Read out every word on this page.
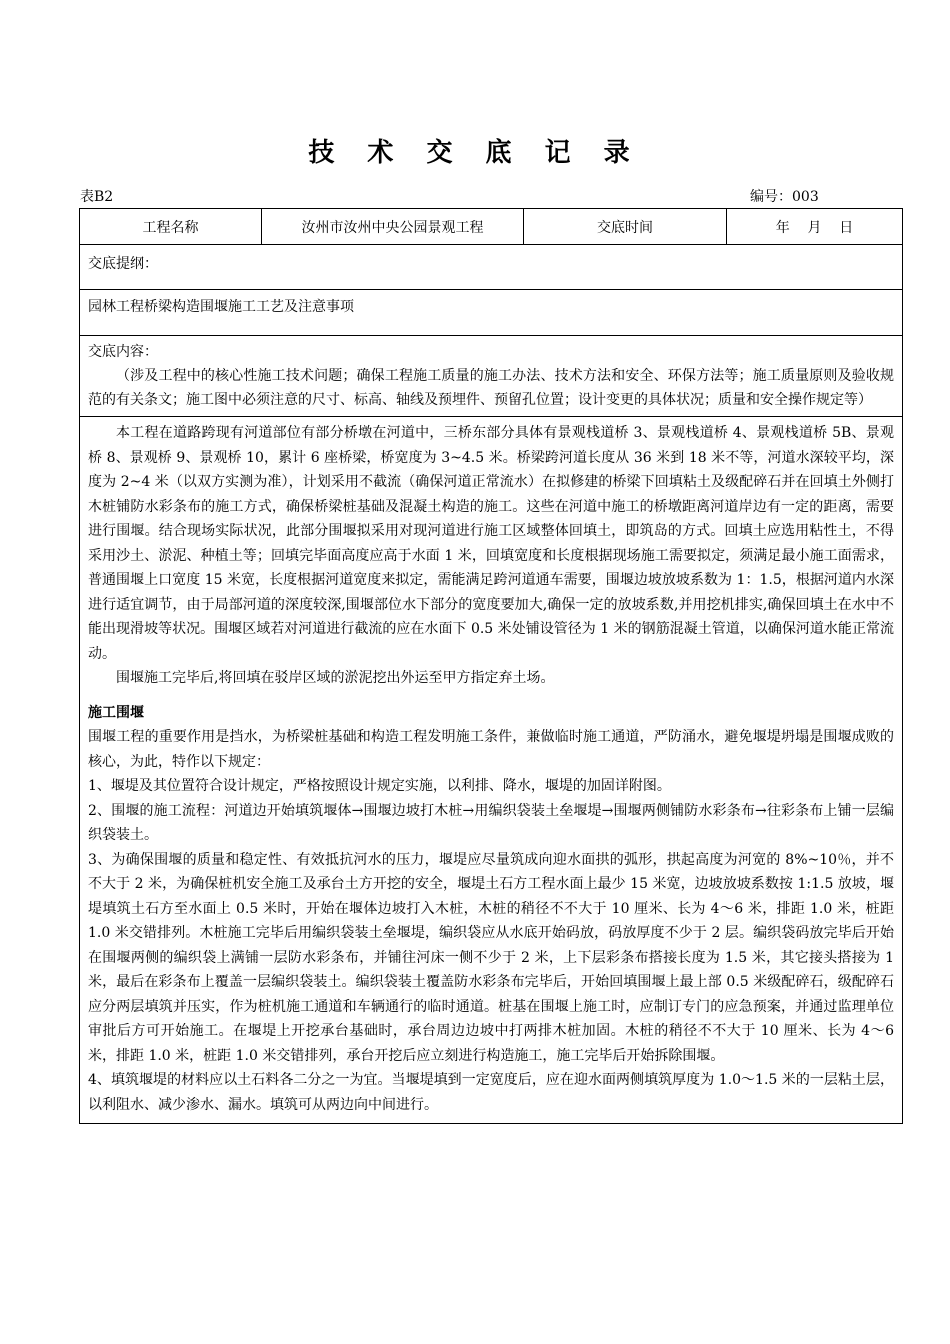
技 术 交 底 记 录
表B2	编号：003
工程名称	汝州市汝州中央公园景观工程	交底时间	年    月    日
交底提纲：
园林工程桥梁构造围堰施工工艺及注意事项
交底内容：
（涉及工程中的核心性施工技术问题；确保工程施工质量的施工办法、技术方法和安全、环保方法等；施工质量原则及验收规范的有关条文；施工图中必须注意的尺寸、标高、轴线及预埋件、预留孔位置；设计变更的具体状况；质量和安全操作规定等）

本工程在道路跨现有河道部位有部分桥墩在河道中，三桥东部分具体有景观栈道桥 3、景观栈道桥 4、景观栈道桥 5B、景观桥 8、景观桥 9、景观桥 10，累计 6 座桥梁，桥宽度为 3~4.5 米。桥梁跨河道长度从 36 米到 18 米不等，河道水深较平均，深度为 2~4 米（以双方实测为准），计划采用不截流（确保河道正常流水）在拟修建的桥梁下回填粘土及级配碎石并在回填土外侧打木桩铺防水彩条布的施工方式，确保桥梁桩基础及混凝土构造的施工。这些在河道中施工的桥墩距离河道岸边有一定的距离，需要进行围堰。结合现场实际状况，此部分围堰拟采用对现河道进行施工区域整体回填土，即筑岛的方式。回填土应选用粘性土，不得采用沙土、淤泥、种植土等；回填完毕面高度应高于水面 1 米，回填宽度和长度根据现场施工需要拟定，须满足最小施工面需求，普通围堰上口宽度 15 米宽，长度根据河道宽度来拟定，需能满足跨河道通车需要，围堰边坡放坡系数为 1：1.5，根据河道内水深进行适宜调节，由于局部河道的深度较深,围堰部位水下部分的宽度要加大,确保一定的放坡系数,并用挖机排实,确保回填土在水中不能出现滑坡等状况。围堰区域若对河道进行截流的应在水面下 0.5 米处铺设管径为 1 米的钢筋混凝土管道，以确保河道水能正常流动。

围堰施工完毕后,将回填在驳岸区域的淤泥挖出外运至甲方指定弃土场。

施工围堰

围堰工程的重要作用是挡水，为桥梁桩基础和构造工程发明施工条件，兼做临时施工通道，严防涌水，避免堰堤坍塌是围堰成败的核心，为此，特作以下规定：

1、堰堤及其位置符合设计规定，严格按照设计规定实施，以利排、降水，堰堤的加固详附图。

2、围堰的施工流程：河道边开始填筑堰体→围堰边坡打木桩→用编织袋装土垒堰堤→围堰两侧铺防水彩条布→往彩条布上铺一层编织袋装土。

3、为确保围堰的质量和稳定性、有效抵抗河水的压力，堰堤应尽量筑成向迎水面拱的弧形，拱起高度为河宽的 8%~10％，并不不大于 2 米，为确保桩机安全施工及承台土方开挖的安全，堰堤土石方工程水面上最少 15 米宽，边坡放坡系数按 1:1.5 放坡，堰堤填筑土石方至水面上 0.5 米时，开始在堰体边坡打入木桩，木桩的稍径不不大于 10 厘米、长为 4～6 米，排距 1.0 米，桩距 1.0 米交错排列。木桩施工完毕后用编织袋装土垒堰堤，编织袋应从水底开始码放，码放厚度不少于 2 层。编织袋码放完毕后开始在围堰两侧的编织袋上满铺一层防水彩条布，并铺往河床一侧不少于 2 米，上下层彩条布搭接长度为 1.5 米，其它接头搭接为 1 米，最后在彩条布上覆盖一层编织袋装土。编织袋装土覆盖防水彩条布完毕后，开始回填围堰上最上部 0.5 米级配碎石，级配碎石应分两层填筑并压实，作为桩机施工通道和车辆通行的临时通道。桩基在围堰上施工时，应制订专门的应急预案，并通过监理单位审批后方可开始施工。在堰堤上开挖承台基础时，承台周边边坡中打两排木桩加固。木桩的稍径不不大于 10 厘米、长为 4～6 米，排距 1.0 米，桩距 1.0 米交错排列，承台开挖后应立刻进行构造施工，施工完毕后开始拆除围堰。

4、填筑堰堤的材料应以土石料各二分之一为宜。当堰堤填到一定宽度后，应在迎水面两侧填筑厚度为 1.0～1.5 米的一层粘土层，以利阻水、减少渗水、漏水。填筑可从两边向中间进行。
